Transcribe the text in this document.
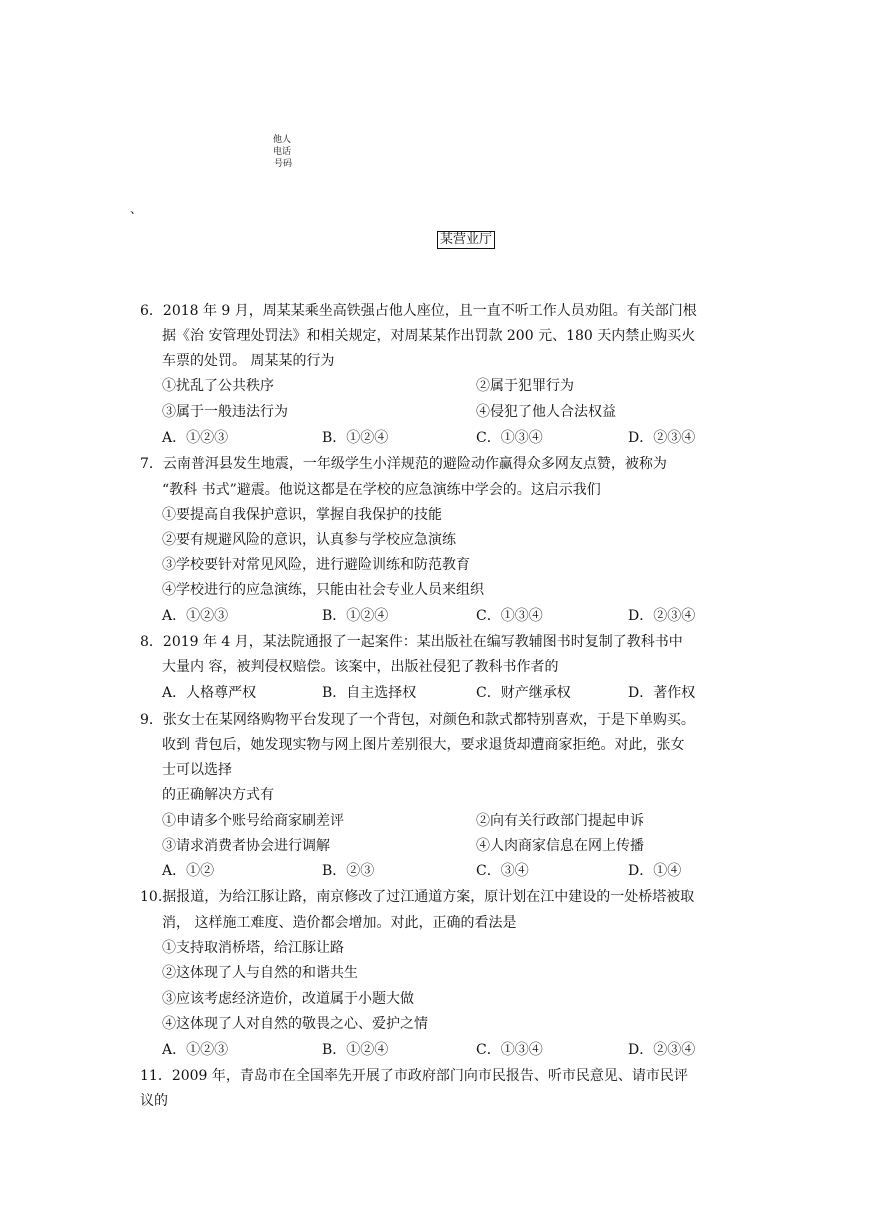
他人
电话
号码
、
某营业厅
6．2018 年 9 月，周某某乘坐高铁强占他人座位，且一直不听工作人员劝阻。有关部门根
据《治 安管理处罚法》和相关规定，对周某某作出罚款 200 元、180 天内禁止购买火
车票的处罚。 周某某的行为
①扰乱了公共秩序	②属于犯罪行为
③属于一般违法行为	④侵犯了他人合法权益
A．①②③	B．①②④	C．①③④	D．②③④
7．云南普洱县发生地震，一年级学生小洋规范的避险动作赢得众多网友点赞，被称为
“教科 书式”避震。他说这都是在学校的应急演练中学会的。这启示我们
①要提高自我保护意识，掌握自我保护的技能
②要有规避风险的意识，认真参与学校应急演练
③学校要针对常见风险，进行避险训练和防范教育
④学校进行的应急演练，只能由社会专业人员来组织
A．①②③	B．①②④	C．①③④	D．②③④
8．2019 年 4 月，某法院通报了一起案件：某出版社在编写教辅图书时复制了教科书中
大量内 容，被判侵权赔偿。该案中，出版社侵犯了教科书作者的
A．人格尊严权	B．自主选择权	C．财产继承权	D．著作权
9．张女士在某网络购物平台发现了一个背包，对颜色和款式都特别喜欢，于是下单购买。
收到 背包后，她发现实物与网上图片差别很大，要求退货却遭商家拒绝。对此，张女
士可以选择
的正确解决方式有
①申请多个账号给商家刷差评	②向有关行政部门提起申诉
③请求消费者协会进行调解	④人肉商家信息在网上传播
A．①②	B．②③	C．③④	D．①④
10.据报道，为给江豚让路，南京修改了过江通道方案，原计划在江中建设的一处桥塔被取
消， 这样施工难度、造价都会增加。对此，正确的看法是
①支持取消桥塔，给江豚让路
②这体现了人与自然的和谐共生
③应该考虑经济造价，改道属于小题大做
④这体现了人对自然的敬畏之心、爱护之情
A．①②③	B．①②④	C．①③④	D．②③④
11．2009 年，青岛市在全国率先开展了市政府部门向市民报告、听市民意见、请市民评
议的
